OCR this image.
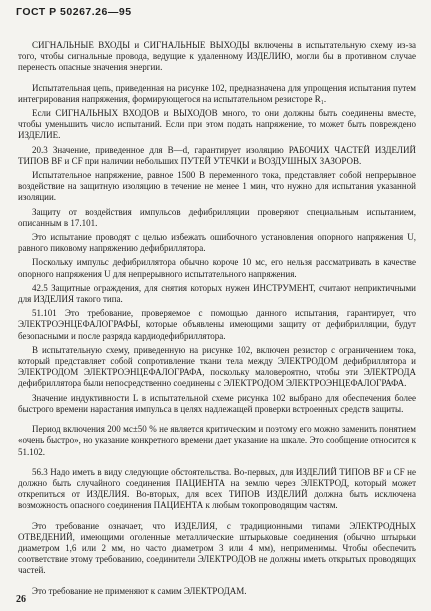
ГОСТ Р 50267.26—95

СИГНАЛЬНЫЕ ВХОДЫ и СИГНАЛЬНЫЕ ВЫХОДЫ включены в испытательную схему из-за того, чтобы сигнальные провода, ведущие к удаленному ИЗДЕЛИЮ, могли бы в противном случае перенесть опасные значения энергии.

Испытательная цепь, приведенная на рисунке 102, предназначена для упрощения испытания путем интегрирования напряжения, формирующегося на испытательном резисторе R₁.

Если СИГНАЛЬНЫХ ВХОДОВ и ВЫХОДОВ много, то они должны быть соединены вместе, чтобы уменьшить число испытаний. Если при этом подать напряжение, то может быть повреждено ИЗДЕЛИЕ.

20.3 Значение, приведенное для B—d, гарантирует изоляцию РАБОЧИХ ЧАСТЕЙ ИЗДЕЛИЙ ТИПОВ BF и CF при наличии небольших ПУТЕЙ УТЕЧКИ и ВОЗДУШНЫХ ЗАЗОРОВ.

Испытательное напряжение, равное 1500 В переменного тока, представляет собой непрерывное воздействие на защитную изоляцию в течение не менее 1 мин, что нужно для испытания указанной изоляции.

Защиту от воздействия импульсов дефибрилляции проверяют специальным испытанием, описанным в 17.101.

Это испытание проводят с целью избежать ошибочного установления опорного напряжения U, равного пиковому напряжению дефибриллятора.

Поскольку импульс дефибриллятора обычно короче 10 мс, его нельзя рассматривать в качестве опорного напряжения U для непрерывного испытательного напряжения.

42.5 Защитные ограждения, для снятия которых нужен ИНСТРУМЕНТ, считают неприктичными для ИЗДЕЛИЯ такого типа.

51.101 Это требование, проверяемое с помощью данного испытания, гарантирует, что ЭЛЕКТРОЭНЦЕФАЛОГРАФЫ, которые объявлены имеющими защиту от дефибрилляции, будут безопасными и после разряда кардиодефибриллятора.

В испытательную схему, приведенную на рисунке 102, включен резистор с ограничением тока, который представляет собой сопротивление ткани тела между ЭЛЕКТРОДОМ дефибриллятора и ЭЛЕКТРОДОМ ЭЛЕКТРОЭНЦЕФАЛОГРАФА, поскольку маловероятно, чтобы эти ЭЛЕКТРОДА дефибриллятора были непосредственно соединены с ЭЛЕКТРОДОМ ЭЛЕКТРОЭНЦЕФАЛОГРАФА.

Значение индуктивности L в испытательной схеме рисунка 102 выбрано для обеспечения более быстрого времени нарастания импульса в целях надлежащей проверки встроенных средств защиты.

Период включения 200 мс±50 % не является критическим и поэтому его можно заменить понятием «очень быстро», но указание конкретного времени дает указание на шкале. Это сообщение относится к 51.102.

56.3 Надо иметь в виду следующие обстоятельства. Во-первых, для ИЗДЕЛИЙ ТИПОВ BF и CF не должно быть случайного соединения ПАЦИЕНТА на землю через ЭЛЕКТРОД, который может открепиться от ИЗДЕЛИЯ. Во-вторых, для всех ТИПОВ ИЗДЕЛИЙ должна быть исключена возможность опасного соединения ПАЦИЕНТА к любым токопроводящим частям.

Это требование означает, что ИЗДЕЛИЯ, с традиционными типами ЭЛЕКТРОДНЫХ ОТВЕДЕНИЙ, имеющими оголенные металлические штырьковые соединения (обычно штырьки диаметром 1,6 или 2 мм, но часто диаметром 3 или 4 мм), неприменимы. Чтобы обеспечить соответствие этому требованию, соединители ЭЛЕКТРОДОВ не должны иметь открытых проводящих частей.

Это требование не применяют к самим ЭЛЕКТРОДАМ.

26
